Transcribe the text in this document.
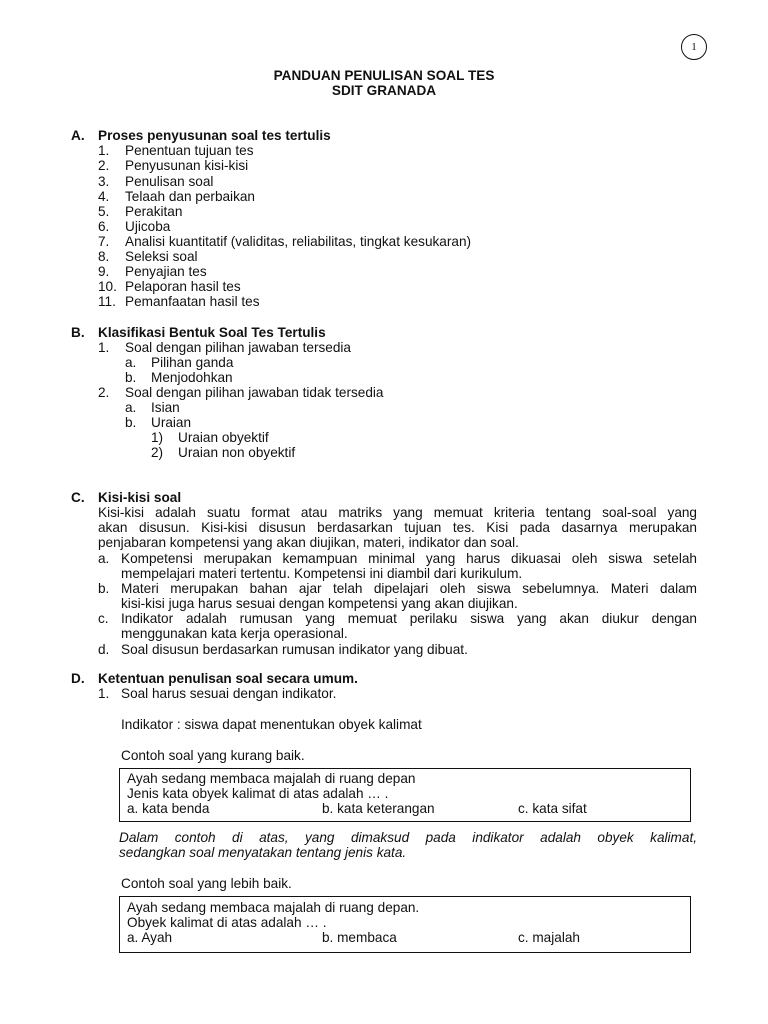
1
PANDUAN PENULISAN SOAL TES
SDIT GRANADA
A. Proses penyusunan soal tes tertulis
1. Penentuan tujuan tes
2. Penyusunan kisi-kisi
3. Penulisan soal
4. Telaah dan perbaikan
5. Perakitan
6. Ujicoba
7. Analisi kuantitatif (validitas, reliabilitas, tingkat kesukaran)
8. Seleksi soal
9. Penyajian tes
10. Pelaporan hasil tes
11. Pemanfaatan hasil tes
B. Klasifikasi Bentuk Soal Tes Tertulis
1. Soal dengan pilihan jawaban tersedia
a. Pilihan ganda
b. Menjodohkan
2. Soal dengan pilihan jawaban tidak tersedia
a. Isian
b. Uraian
1) Uraian obyektif
2) Uraian non obyektif
C. Kisi-kisi soal
Kisi-kisi adalah suatu format atau matriks yang memuat kriteria tentang soal-soal yang
akan disusun. Kisi-kisi disusun berdasarkan tujuan tes. Kisi pada dasarnya merupakan
penjabaran kompetensi yang akan diujikan, materi, indikator dan soal.
a. Kompetensi merupakan kemampuan minimal yang harus dikuasai oleh siswa setelah
mempelajari materi tertentu. Kompetensi ini diambil dari kurikulum.
b. Materi merupakan bahan ajar telah dipelajari oleh siswa sebelumnya. Materi dalam
kisi-kisi juga harus sesuai dengan kompetensi yang akan diujikan.
c. Indikator adalah rumusan yang memuat perilaku siswa yang akan diukur dengan
menggunakan kata kerja operasional.
d. Soal disusun berdasarkan rumusan indikator yang dibuat.
D. Ketentuan penulisan soal secara umum.
1. Soal harus sesuai dengan indikator.
Indikator : siswa dapat menentukan obyek kalimat
Contoh soal yang kurang baik.
Ayah sedang membaca majalah di ruang depan
Jenis kata obyek kalimat di atas adalah … .
a. kata benda	b. kata keterangan	c. kata sifat
Dalam contoh di atas, yang dimaksud pada indikator adalah obyek kalimat,
sedangkan soal menyatakan tentang jenis kata.
Contoh soal yang lebih baik.
Ayah sedang membaca majalah di ruang depan.
Obyek kalimat di atas adalah … .
a. Ayah	b. membaca	c. majalah
